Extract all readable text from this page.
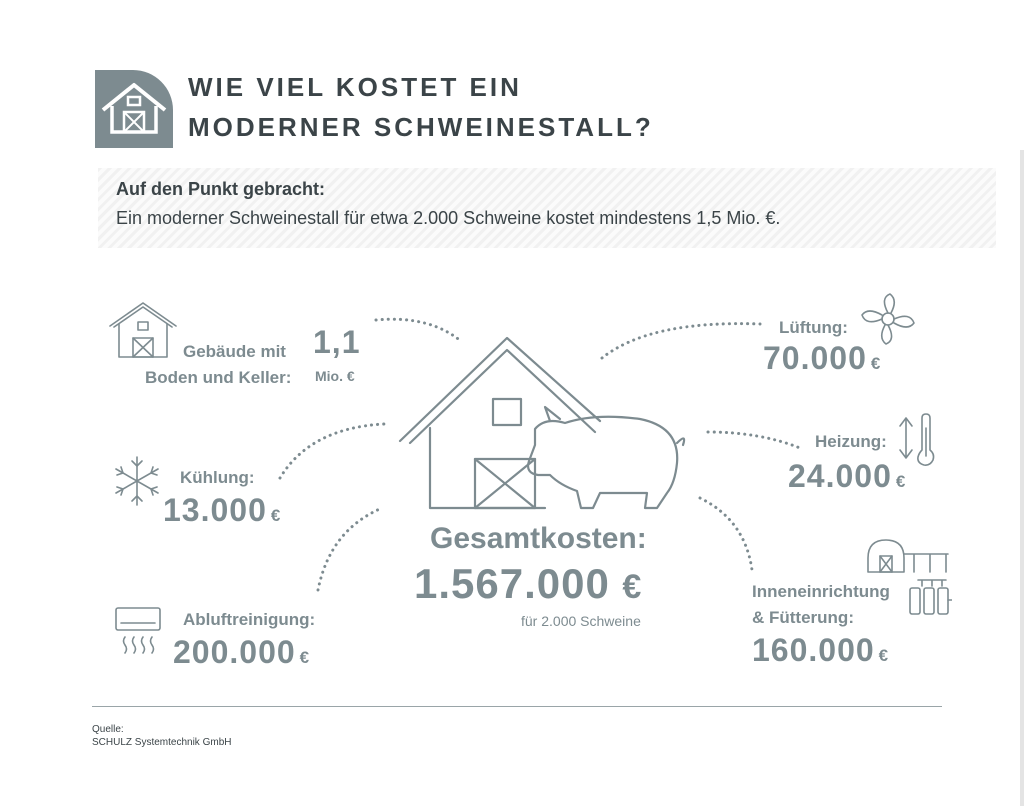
WIE VIEL KOSTET EIN
MODERNER SCHWEINESTALL?
Auf den Punkt gebracht:
Ein moderner Schweinestall für etwa 2.000 Schweine kostet mindestens 1,5 Mio. €.
Gebäude mit
Boden und Keller:
1,1
Mio. €
Kühlung:
13.000 €
Abluftreinigung:
200.000 €
Lüftung:
70.000 €
Heizung:
24.000 €
Inneneinrichtung
& Fütterung:
160.000 €
Gesamtkosten:
1.567.000 €
für 2.000 Schweine
Quelle:
SCHULZ Systemtechnik GmbH
